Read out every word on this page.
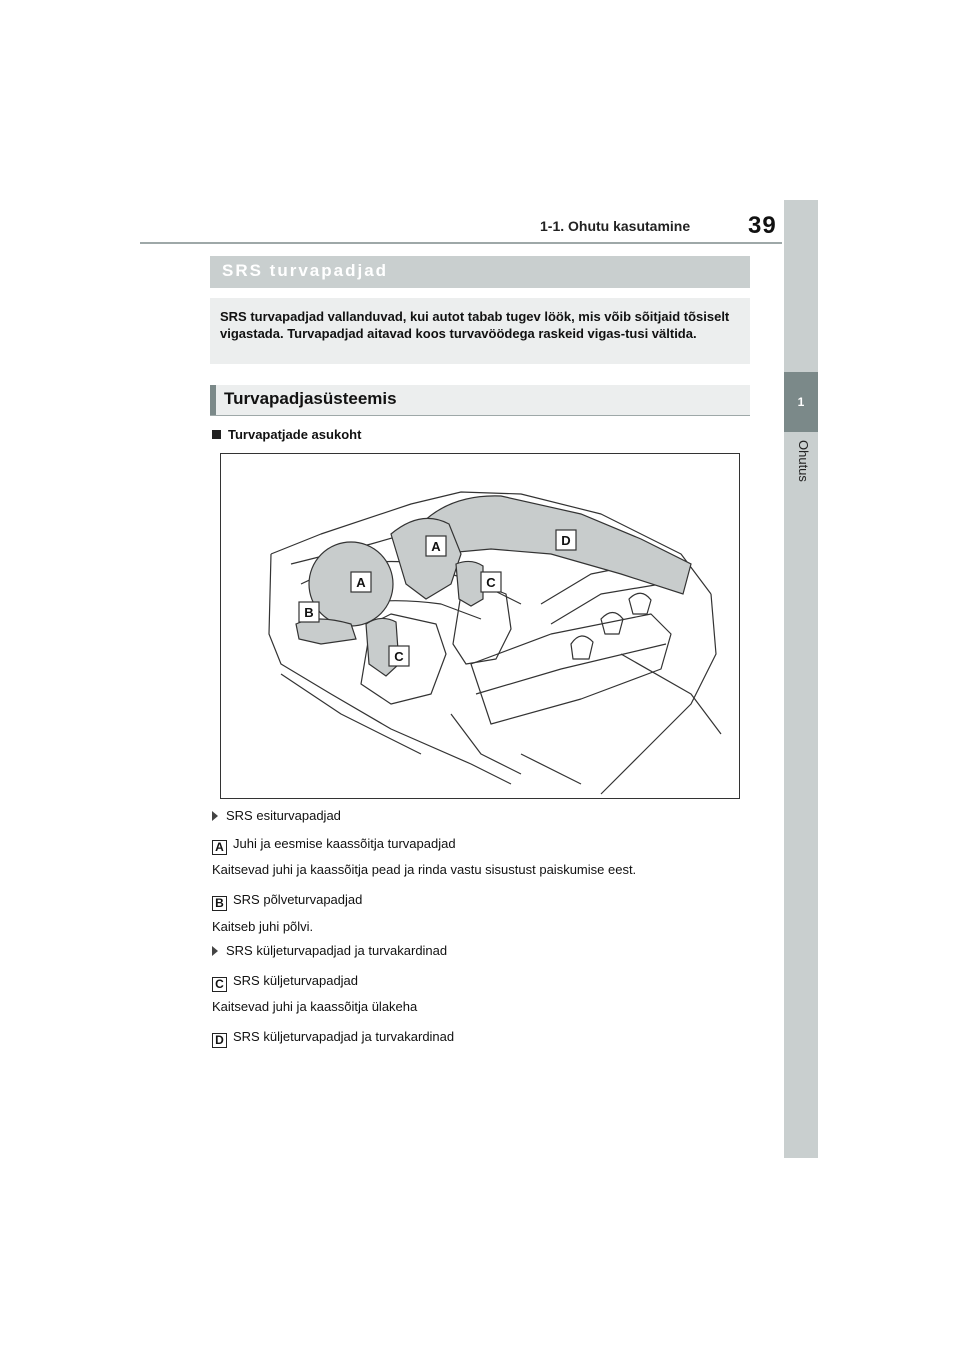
1-1. Ohutu kasutamine 39
1
Ohutus
SRS turvapadjad
SRS turvapadjad vallanduvad, kui autot tabab tugev löök, mis võib sõitjaid tõsiselt vigastada. Turvapadjad aitavad koos turvavöödega raskeid vigas-tusi vältida.
Turvapadjasüsteemis
Turvapatjade asukoht
A
A
B
C
C
D
SRS esiturvapadjad
A Juhi ja eesmise kaassõitja turvapadjad
Kaitsevad juhi ja kaassõitja pead ja rinda vastu sisustust paiskumise eest.
B SRS põlveturvapadjad
Kaitseb juhi põlvi.
SRS küljeturvapadjad ja turvakardinad
C SRS küljeturvapadjad
Kaitsevad juhi ja kaassõitja ülakeha
D SRS küljeturvapadjad ja turvakardinad
